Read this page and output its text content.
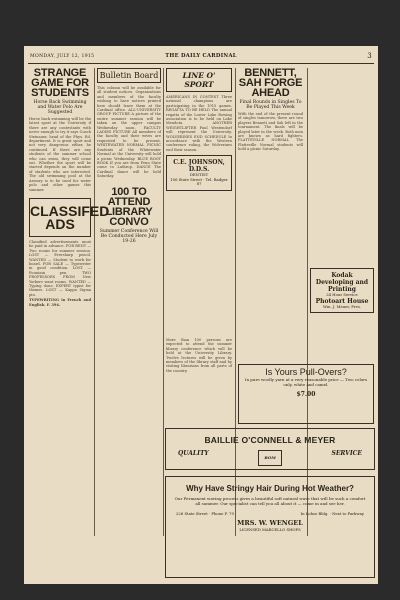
MONDAY, JULY 12, 1915	THE DAILY CARDINAL	3

STRANGE GAME FOR STUDENTS

Horse Back Swimming and Water Polo Are Suggested

Horse back swimming will be the latest sport at the University if there are any contestants with nerve enough to try it says Coach Steinauer, head of the Phys. Ed. department. It is great sport and not very dangerous either, he continued. If there are any students of the summer school who can swim, they will come out. Whether the sport will be started depends on the number of students who are interested. The old swimming pool at the Armory is to be used for water polo and other games this summer.

CLASSIFED ADS

Classified advertisements must be paid in advance. FOR RENT — Two rooms for summer session. LOST — Eversharp pencil. WANTED — Student to work for board. FOR SALE — Typewriter in good condition. LOST — Fountain pen. TWO PROFESSORS FROM New Yorkers want rooms. WANTED — Typing done. EXPERT typist for themes. LOST — Kappa Sigma pin.

TYPEWRITING in French and English. F. 394.

Bulletin Board

This column will be available for all student notices. Organizations and members of the faculty wishing to have notices printed here should leave them at the Cardinal office. ALL-UNIVERSITY GROUP PICTURE A picture of the entire summer session will be taken on the upper campus Wednesday noon. FACULTY LADIES PICTURE All members of the faculty and their wives are requested to be present. WHITEWATER NORMAL PICNIC Students of the Whitewater Normal at the University will hold a picnic Wednesday. BLUE BOOT BOOK If you are from Penn State come to Lathrop. DANCE The Cardinal dance will be held Saturday.

100 TO ATTEND LIBRARY CONVO

Summer Conference Will Be Conducted Here July 19-26

LINE O' SPORT

AMERICANS IN CONTEST Three national champions are participating in the 1915 games. REGATTA TO BE HELD The annual regatta of the Lower Lake Rowing association is to be held on Lake Mendota. ANOTHER WEIGHTLIFTER Paul Westendorf will represent the University. WOLVERINES END SCHEDULE In accordance with the Western conference ruling, the Wolverines end their season.

C.E. JOHNSON, D.D.S.
DENTIST
106 State Street · Tel. Badger 87

More than 100 persons are expected to attend the summer library conference which will be held at the University Library. Twelve lectures will be given by members of the library staff and by visiting librarians from all parts of the country.

BENNETT, SAH FORGE AHEAD

Final Rounds in Singles To Be Played This Week

With the end of the present round of singles tomorrow, there are two players Bennett and Sah left in the tournament. The finals will be played later in the week. Both men are known as hard fighters. PLATTEVILLE NORMAL The Platteville Normal students will hold a picnic Saturday.

Kodak Developing and Printing
24 Hour Service
Photoart House
Wm. J. Meuer, Pres.
Is Yours Pull-Overs?
In pure woolly yarn at a very reasonable price — Two colors only, white and camel.
$7.00
BAILLIE O'CONNELL & MEYER
QUALITY
BOM
SERVICE
Why Have Stringy Hair During Hot Weather?
Our Permanent waving process gives a beautiful soft natural wave that will be such a comfort all summer. Our specialist can tell you all about it — come in and see her.
226 State Street · Phone F. 79	In Lohse Bldg. · Next to Parkway
MRS. W. WENGEL
LICENSED MARCELLO SHOPS
